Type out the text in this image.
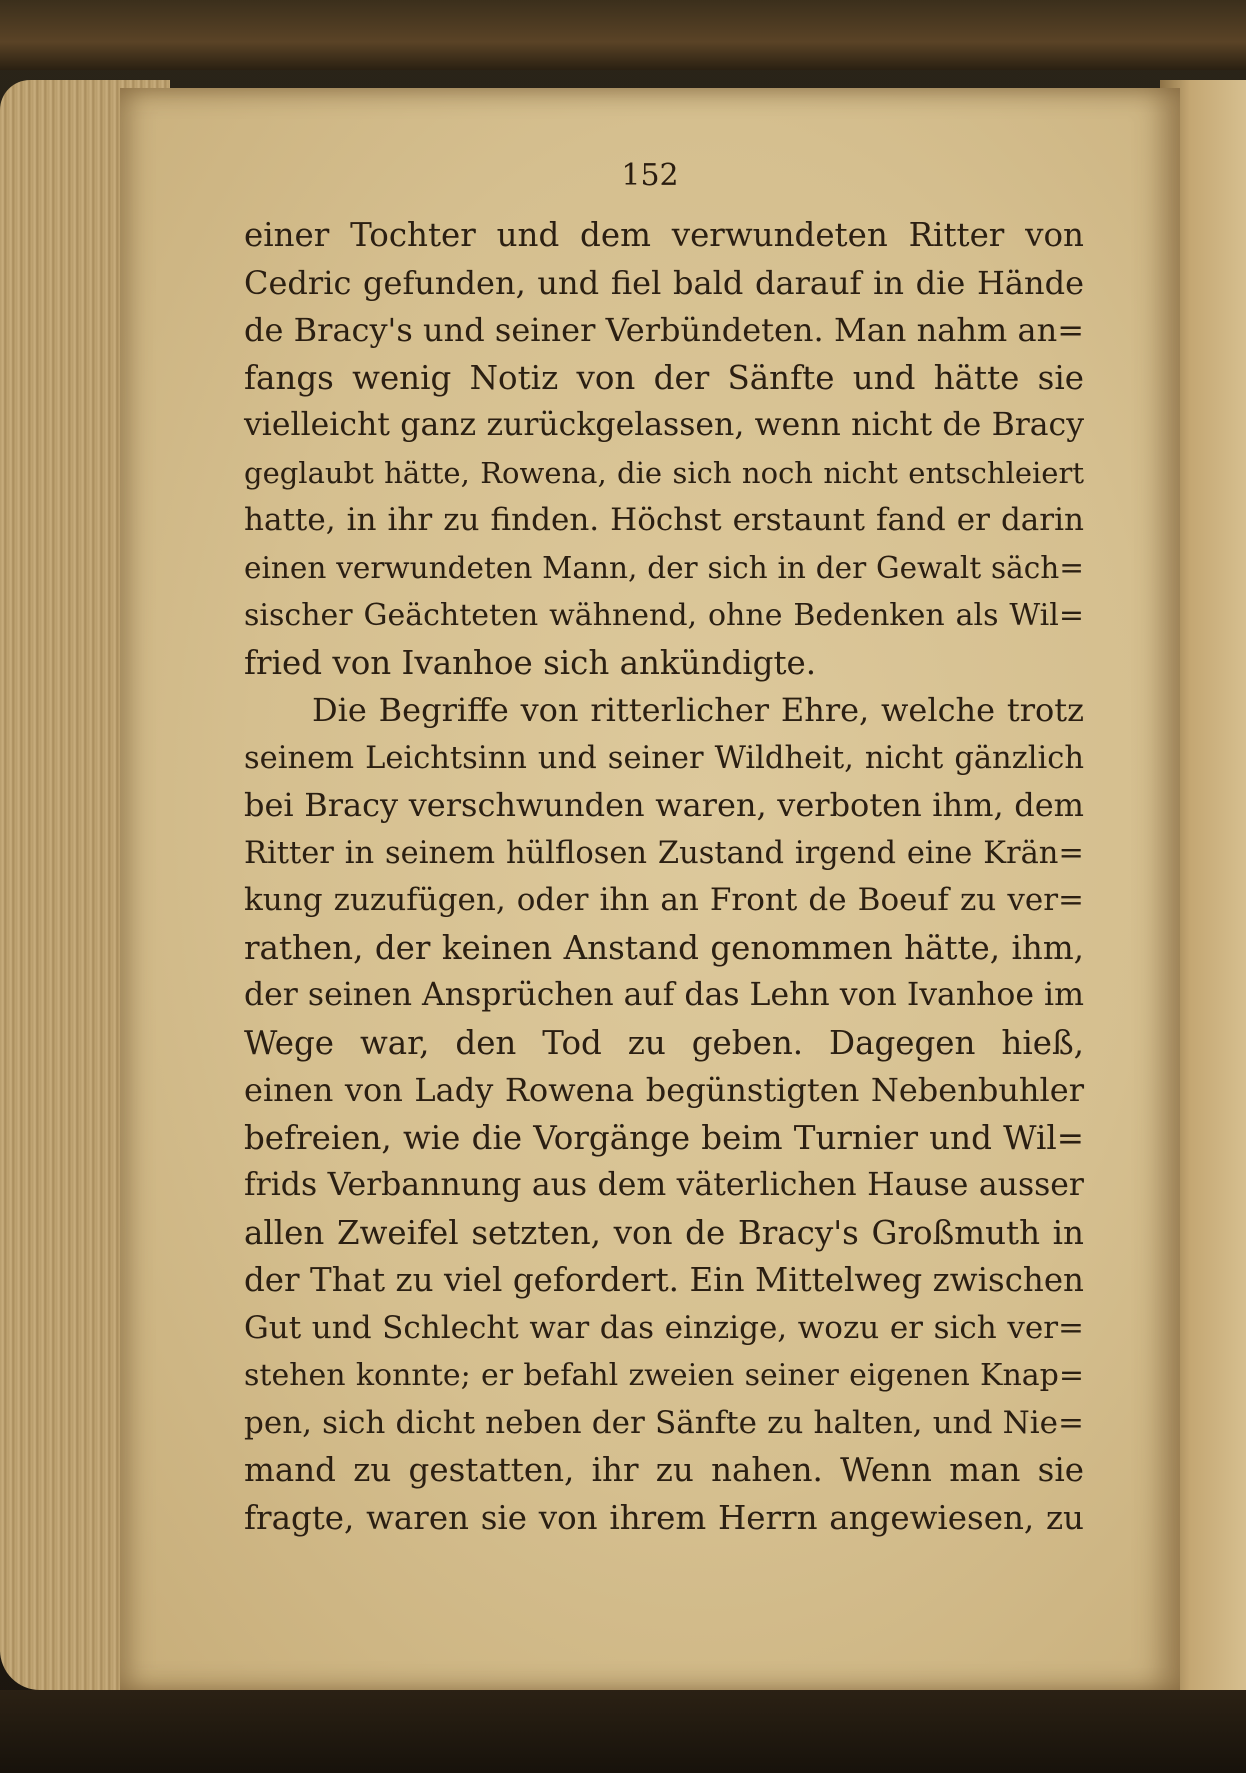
152
einer Tochter und dem verwundeten Ritter von
Cedric gefunden, und fiel bald darauf in die Hände
de Bracy's und seiner Verbündeten. Man nahm an=
fangs wenig Notiz von der Sänfte und hätte sie
vielleicht ganz zurückgelassen, wenn nicht de Bracy
geglaubt hätte, Rowena, die sich noch nicht entschleiert
hatte, in ihr zu finden. Höchst erstaunt fand er darin
einen verwundeten Mann, der sich in der Gewalt säch=
sischer Geächteten wähnend, ohne Bedenken als Wil=
fried von Ivanhoe sich ankündigte.
Die Begriffe von ritterlicher Ehre, welche trotz
seinem Leichtsinn und seiner Wildheit, nicht gänzlich
bei Bracy verschwunden waren, verboten ihm, dem
Ritter in seinem hülflosen Zustand irgend eine Krän=
kung zuzufügen, oder ihn an Front de Boeuf zu ver=
rathen, der keinen Anstand genommen hätte, ihm,
der seinen Ansprüchen auf das Lehn von Ivanhoe im
Wege war, den Tod zu geben. Dagegen hieß,
einen von Lady Rowena begünstigten Nebenbuhler
befreien, wie die Vorgänge beim Turnier und Wil=
frids Verbannung aus dem väterlichen Hause ausser
allen Zweifel setzten, von de Bracy's Großmuth in
der That zu viel gefordert. Ein Mittelweg zwischen
Gut und Schlecht war das einzige, wozu er sich ver=
stehen konnte; er befahl zweien seiner eigenen Knap=
pen, sich dicht neben der Sänfte zu halten, und Nie=
mand zu gestatten, ihr zu nahen. Wenn man sie
fragte, waren sie von ihrem Herrn angewiesen, zu
